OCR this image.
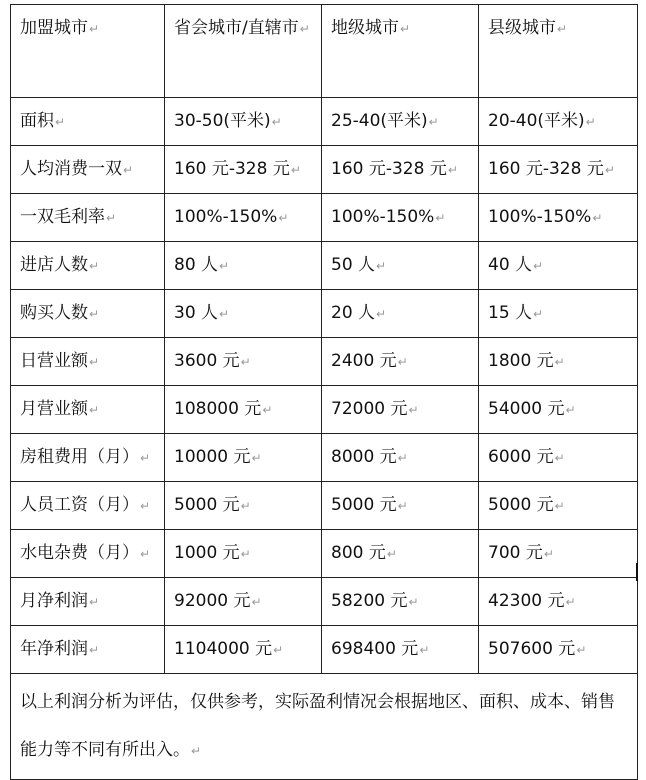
加盟城市↵	省会城市/直辖市↵	地级城市↵	县级城市↵
面积↵	30-50(平米)↵	25-40(平米)↵	20-40(平米)↵
人均消费一双↵	160 元-328 元↵	160 元-328 元↵	160 元-328 元↵
一双毛利率↵	100%-150%↵	100%-150%↵	100%-150%↵
进店人数↵	80 人↵	50 人↵	40 人↵
购买人数↵	30 人↵	20 人↵	15 人↵
日营业额↵	3600 元↵	2400 元↵	1800 元↵
月营业额↵	108000 元↵	72000 元↵	54000 元↵
房租费用（月）↵	10000 元↵	8000 元↵	6000 元↵
人员工资（月）↵	5000 元↵	5000 元↵	5000 元↵
水电杂费（月）↵	1000 元↵	800 元↵	700 元↵
月净利润↵	92000 元↵	58200 元↵	42300 元↵
年净利润↵	1104000 元↵	698400 元↵	507600 元↵
以上利润分析为评估，仅供参考，实际盈利情况会根据地区、面积、成本、销售能力等不同有所出入。↵			
